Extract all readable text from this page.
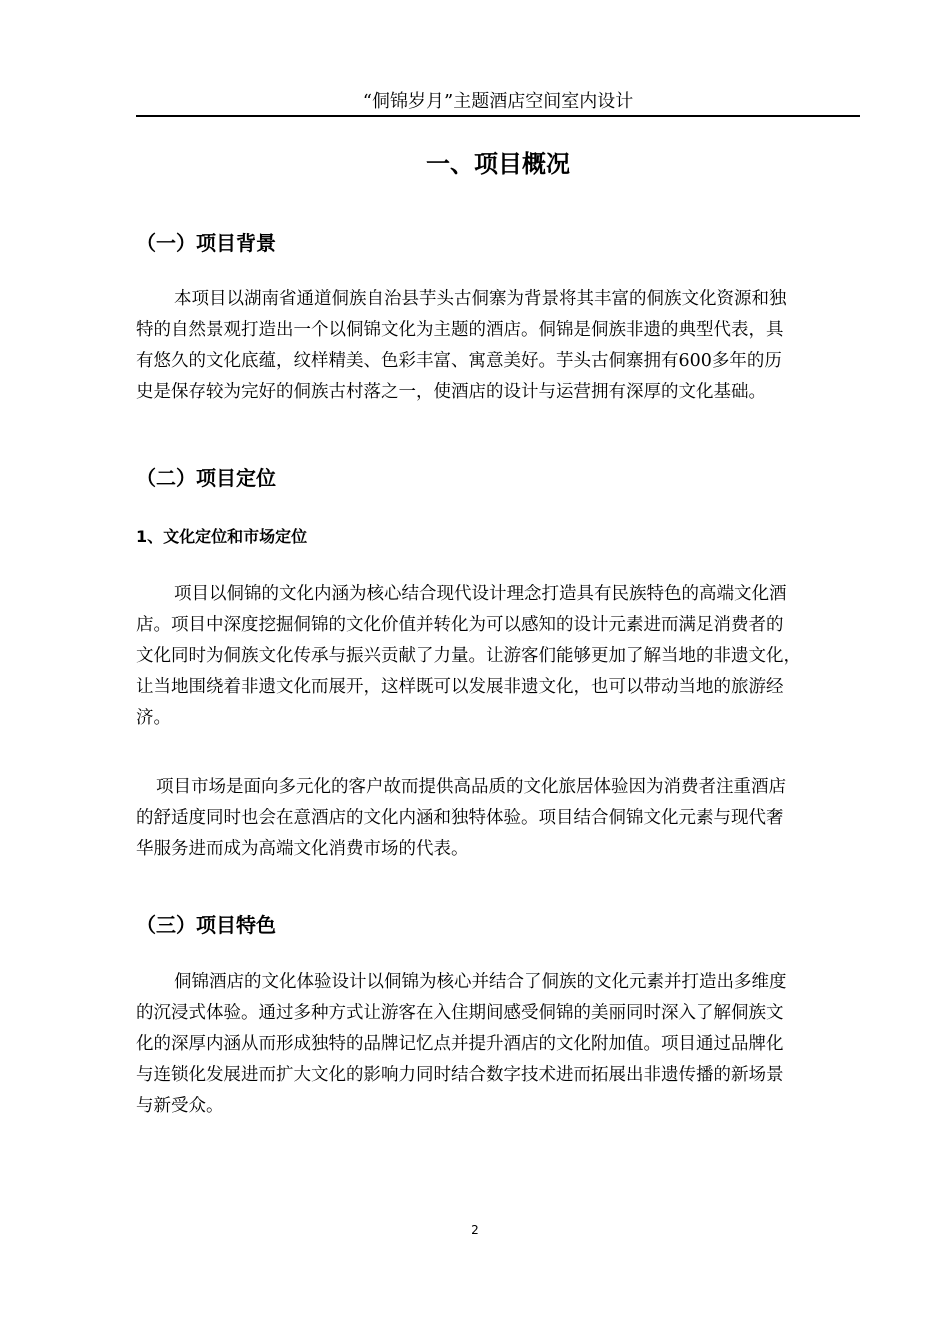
“侗锦岁月”主题酒店空间室内设计
一、项目概况
（一）项目背景
本项目以湖南省通道侗族自治县芋头古侗寨为背景将其丰富的侗族文化资源和独
特的自然景观打造出一个以侗锦文化为主题的酒店。侗锦是侗族非遗的典型代表，具
有悠久的文化底蕴，纹样精美、色彩丰富、寓意美好。芋头古侗寨拥有600多年的历
史是保存较为完好的侗族古村落之一，使酒店的设计与运营拥有深厚的文化基础。
（二）项目定位
1、文化定位和市场定位
项目以侗锦的文化内涵为核心结合现代设计理念打造具有民族特色的高端文化酒
店。项目中深度挖掘侗锦的文化价值并转化为可以感知的设计元素进而满足消费者的
文化同时为侗族文化传承与振兴贡献了力量。让游客们能够更加了解当地的非遗文化，
让当地围绕着非遗文化而展开，这样既可以发展非遗文化，也可以带动当地的旅游经
济。
项目市场是面向多元化的客户故而提供高品质的文化旅居体验因为消费者注重酒店
的舒适度同时也会在意酒店的文化内涵和独特体验。项目结合侗锦文化元素与现代奢
华服务进而成为高端文化消费市场的代表。
（三）项目特色
侗锦酒店的文化体验设计以侗锦为核心并结合了侗族的文化元素并打造出多维度
的沉浸式体验。通过多种方式让游客在入住期间感受侗锦的美丽同时深入了解侗族文
化的深厚内涵从而形成独特的品牌记忆点并提升酒店的文化附加值。项目通过品牌化
与连锁化发展进而扩大文化的影响力同时结合数字技术进而拓展出非遗传播的新场景
与新受众。
2
